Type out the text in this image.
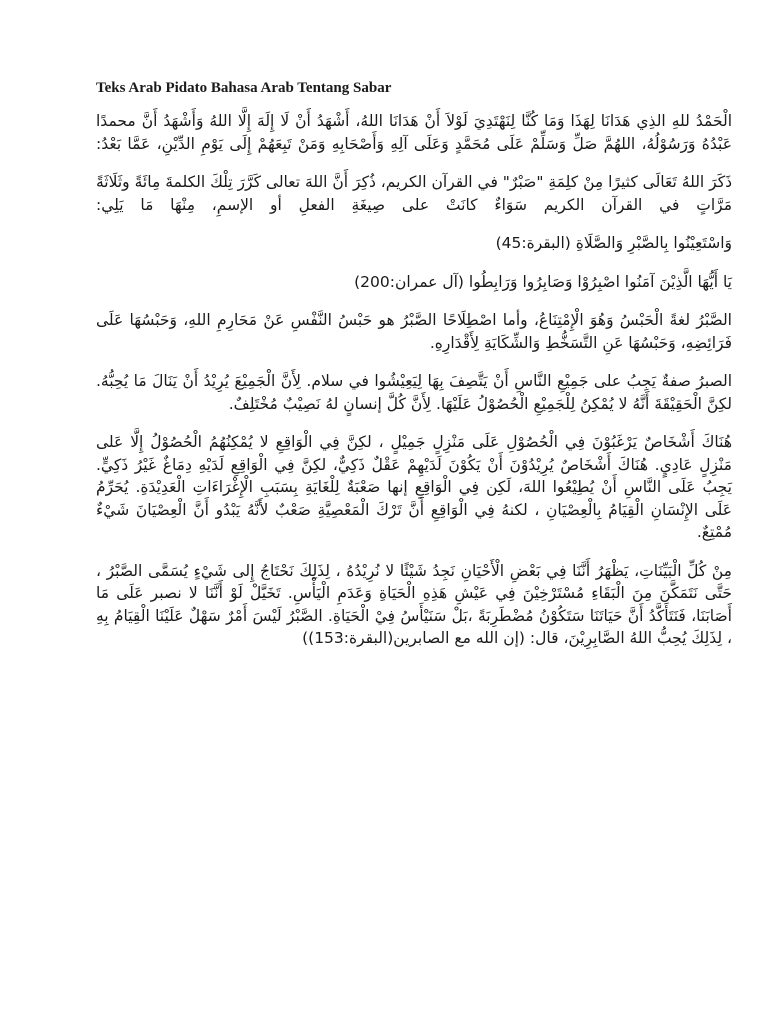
Teks Arab Pidato Bahasa Arab Tentang Sabar

الْحَمْدُ للهِ الذِي هَدَانَا لِهَذَا وَمَا كُنَّا لِنَهْتَدِيَ لَوْلاَ أَنْ هَدَانَا اللهُ، أَشْهَدُ أَنْ لَا إِلَهَ إِلَّا اللهُ وَأَشْهَدُ أَنَّ محمدًا عَبْدُهُ وَرَسُوْلُهُ، اللهُمَّ صَلِّ وَسَلِّمْ عَلَى مُحَمَّدٍ وَعَلَى آلِهِ وَأَصْحَابِهِ وَمَنْ تَبِعَهُمْ إِلَى يَوْمِ الدِّيْنِ، عَمَّا بَعْدُ:

ذَكَرَ اللهُ تَعَالَى كثيرًا مِنْ كلِمَةِ "صَبْرٌ" في القرآن الكريم، ذُكِرَ أَنَّ اللهَ تعالى كَرَّرَ تِلْكَ الكلمةَ مِائَةً وثَلَاثَةً مَرَّاتٍ في القرآن الكريم سَوَاءٌ كانَتْ على صِيغَةِ الفعلِ أو الإسمِ، مِنْهَا مَا يَلِي:

وَاسْتَعِيْنُوا بِالصَّبْرِ وَالصَّلَاةِ (البقرة:45)

يَا أَيُّهَا الَّذِيْنَ آمَنُوا اصْبِرُوْا وَصَابِرُوا وَرَابِطُوا (آل عمران:200)

الصَّبْرُ لغةً الْحَبْسُ وَهُوَ الْإِمْتِنَاعُ، وأما اصْطِلَاحًا الصَّبْرُ هو حَبْسُ النَّفْسِ عَنْ مَحَارِمِ اللهِ، وَحَبْسُهَا عَلَى فَرَائِضِهِ، وَحَبْسُهَا عَنِ التَّسَخُّطِ وَالشِّكَايَةِ لِأَقْدَارِهِ.

الصبرُ صفةٌ يَجِبُ على جَمِيْعِ النَّاسِ أَنْ يَتَّصِفَ بِهَا لِيَعِيْشُوا في سلام. لِأَنَّ الْجَمِيْعَ يُرِيْدُ أَنْ يَنَالَ مَا يُحِبُّهُ. لكِنَّ الْحَقِيْقَةَ أَنَّهُ لا يُمْكِنُ لِلْجَمِيْعِ الْحُصُوْلُ عَلَيْهَا. لِأَنَّ كُلَّ إنسانٍ لهُ نَصِيْبٌ مُخْتَلِفٌ.

هُنَاكَ أَشْخَاصٌ يَرْغَبُوْنَ فِي الْحُصُوْلِ عَلَى مَنْزِلٍ جَمِيْلٍ ، لكِنَّ فِي الْوَاقِعِ لا يُمْكِنُهُمُ الْحُصُوْلُ إِلَّا عَلى مَنْزِلٍ عَادِيٍ. هُنَاكَ أَشْخَاصٌ يُرِيْدُوْنَ أَنْ يَكُوْنَ لَدَيْهِمْ عَقْلٌ ذَكِيٌّ، لكِنَّ فِي الْوَاقِعِ لَدَيْهِ دِمَاغٌ غَيْرُ ذَكِيٍّ. يَجِبُ عَلَى النَّاسِ أَنْ يُطِيْعُوا اللهَ، لَكِن فِي الْوَاقِعِ إنها صَعْبَةٌ لِلْغَايَةِ بِسَبَبِ الْإِغْرَاءَاتِ الْعَدِيْدَةِ. يُحَرِّمُ عَلَى الإِنْسَانِ الْقِيَامُ بِالْعِصْيَانِ ، لكنهُ فِي الْوَاقِعِ أَنَّ تَرْكَ الْمَعْصِيَّةِ صَعْبٌ لأَنَّهُ يَبْدُو أَنَّ الْعِصْيَانَ شَيْءٌ مُمْتِعٌ.

مِنْ كُلِّ الْبَيِّنَاتِ، يَظْهَرُ أَنَّنَا فِي بَعْضِ الْأَحْيَانِ نَجِدُ شَيْئًا لا نُرِيْدُهُ ، لِذَلِكَ نَحْتَاجُ إِلى شَيْءٍ يُسَمَّى الصَّبْرُ ، حَتَّى نَتَمَكَّنَ مِنَ الْبَقَاءِ مُسْتَرْخِيْنَ فِي عَيْشِ هَذِهِ الْحَيَاةِ وَعَدَمِ الْيَأْسِ. تَخَيَّلْ لَوْ أَنَّنَا لا نصبر عَلَى مَا أَصَابَنَا، فَنَتَأَكَّدُ أَنَّ حَيَاتَنَا سَتَكُوْنُ مُضْطَرِبَةً ،بَلْ سَنَيْأَسُ فِيْ الْحَيَاةِ. الصَّبْرُ لَيْسَ أَمْرٌ سَهْلٌ عَلَيْنَا الْقِيَامُ بِهِ ، لِذَلِكَ يُحِبُّ اللهُ الصَّابِرِيْنَ، قال: (إن الله مع الصابرين(البقرة:153))
